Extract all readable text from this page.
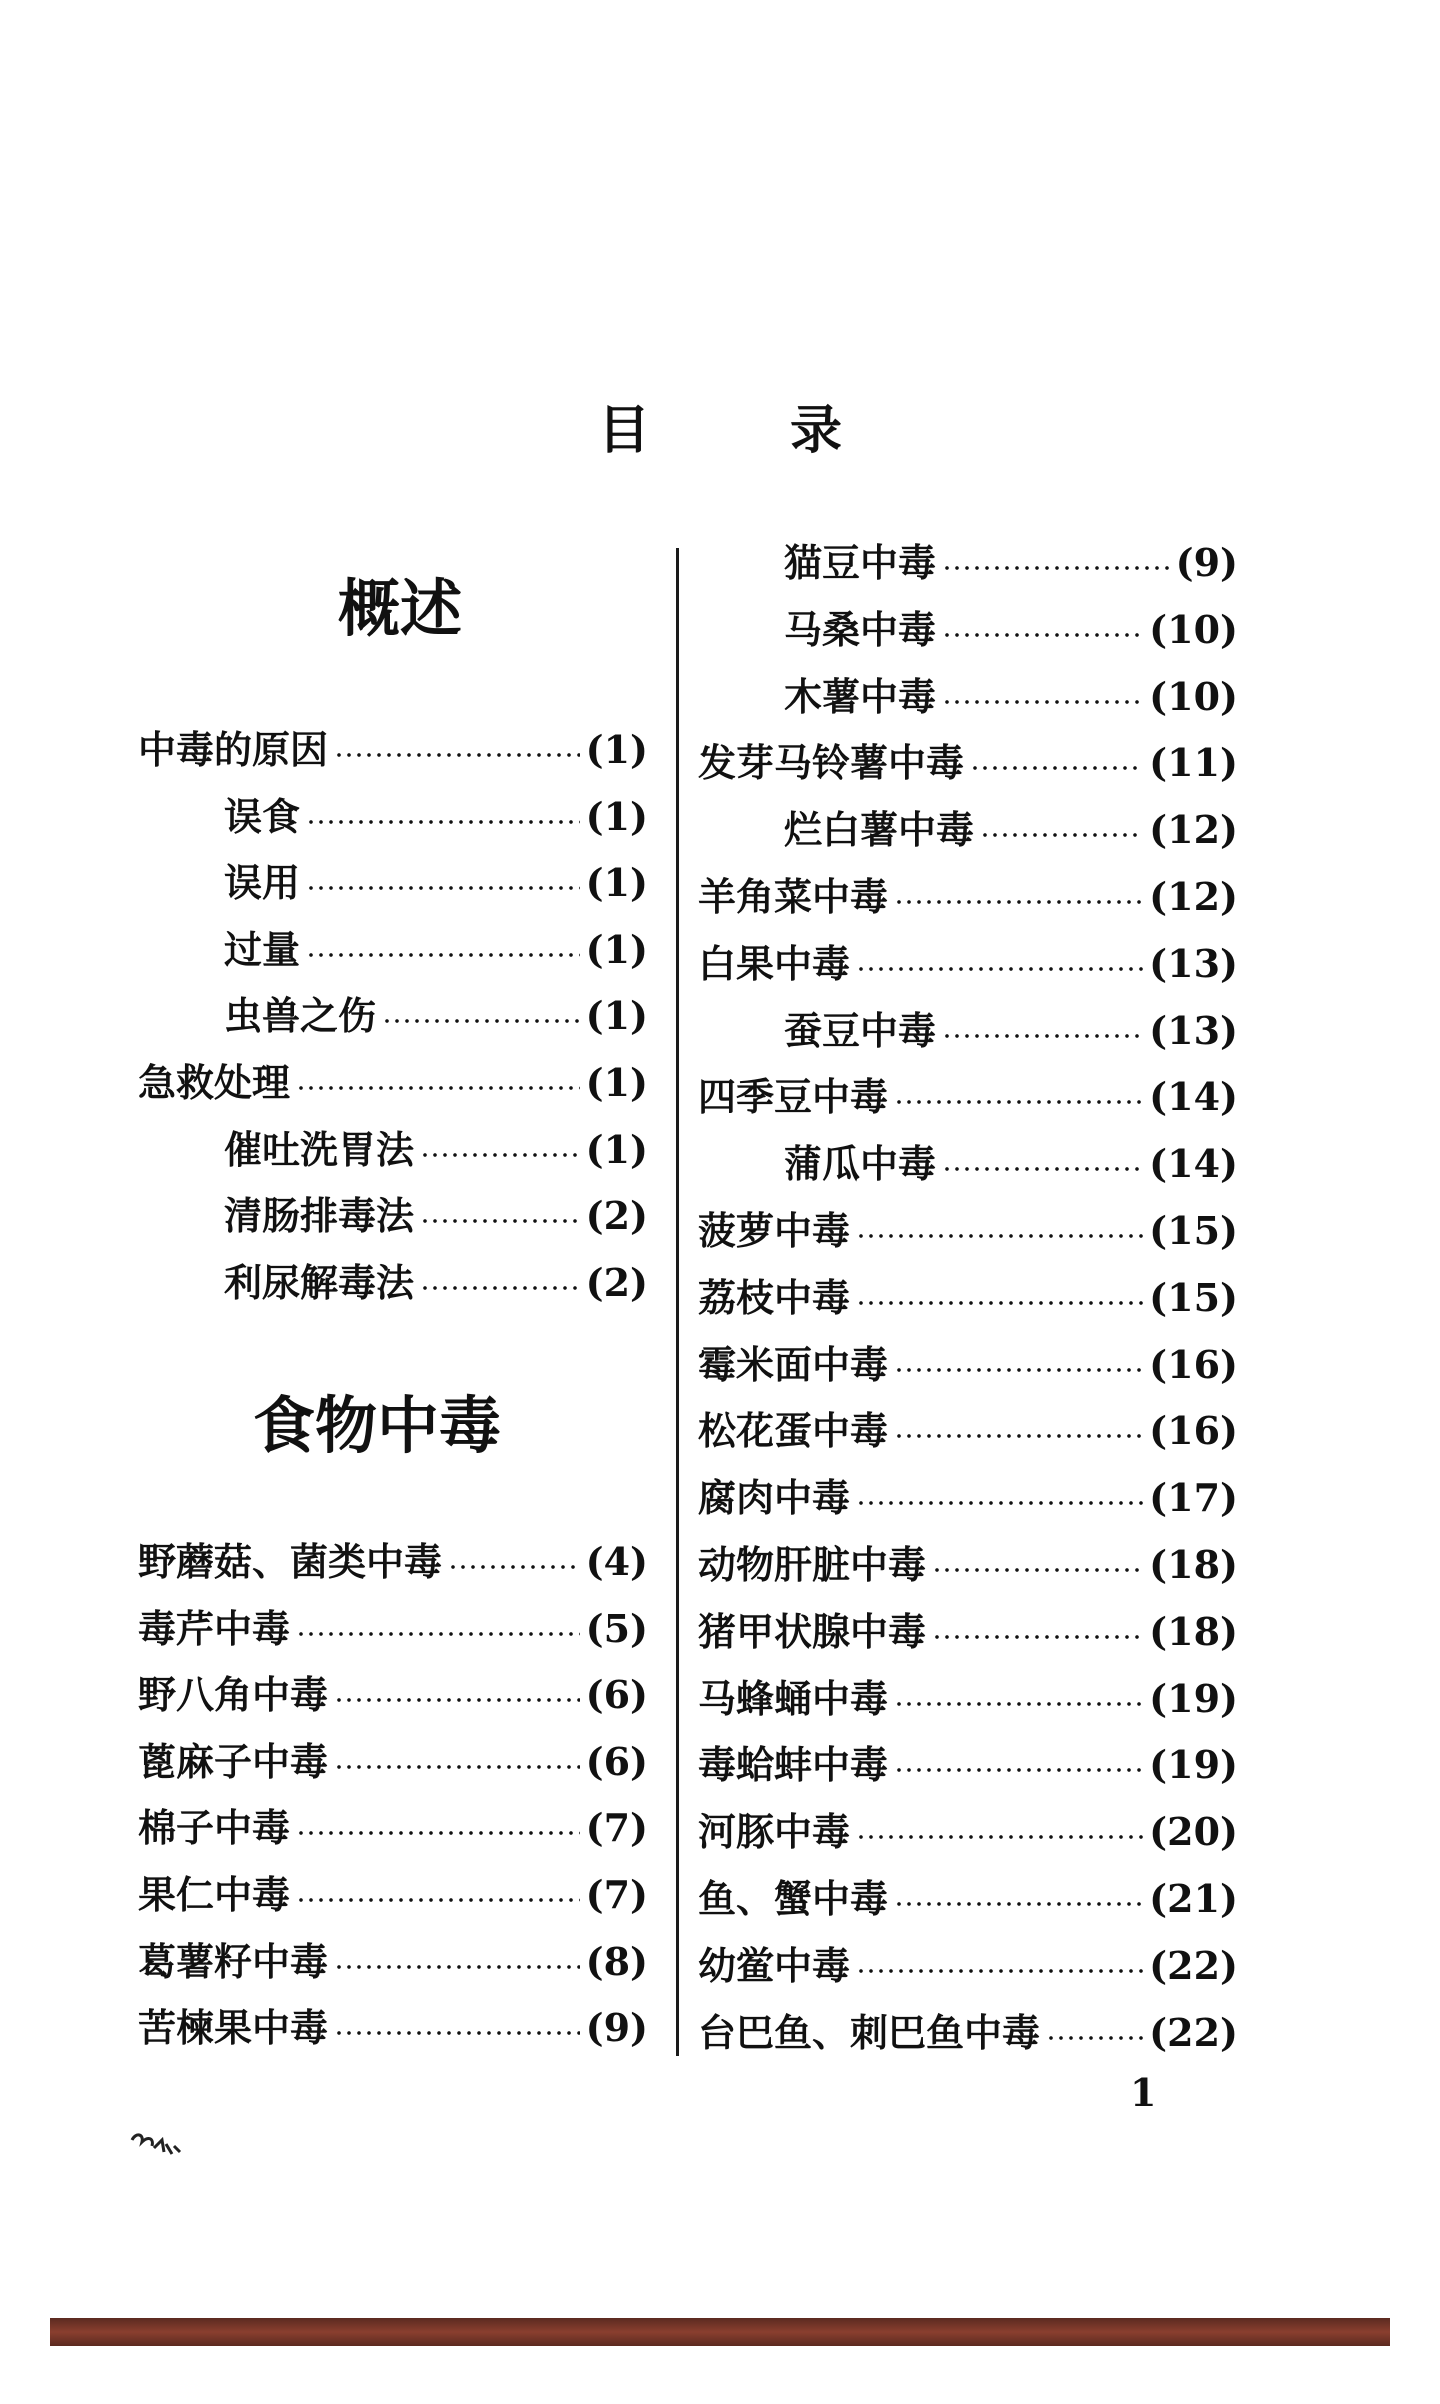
目　录
概述
食物中毒
中毒的原因	(1)
误食	(1)
误用	(1)
过量	(1)
虫兽之伤	(1)
急救处理	(1)
催吐洗胃法	(1)
清肠排毒法	(2)
利尿解毒法	(2)
野蘑菇、菌类中毒	(4)
毒芹中毒	(5)
野八角中毒	(6)
蓖麻子中毒	(6)
棉子中毒	(7)
果仁中毒	(7)
葛薯籽中毒	(8)
苦楝果中毒	(9)
猫豆中毒	(9)
马桑中毒	(10)
木薯中毒	(10)
发芽马铃薯中毒	(11)
烂白薯中毒	(12)
羊角菜中毒	(12)
白果中毒	(13)
蚕豆中毒	(13)
四季豆中毒	(14)
蒲瓜中毒	(14)
菠萝中毒	(15)
荔枝中毒	(15)
霉米面中毒	(16)
松花蛋中毒	(16)
腐肉中毒	(17)
动物肝脏中毒	(18)
猪甲状腺中毒	(18)
马蜂蛹中毒	(19)
毒蛤蚌中毒	(19)
河豚中毒	(20)
鱼、蟹中毒	(21)
幼鲎中毒	(22)
台巴鱼、刺巴鱼中毒	(22)
1
